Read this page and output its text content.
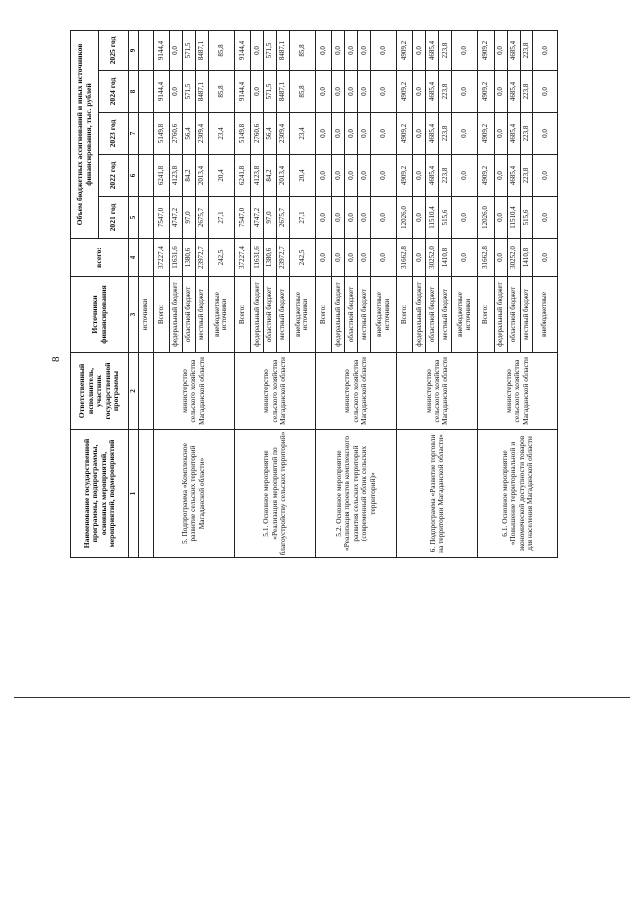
8
Наименование государственной программы, подпрограммы, основных мероприятий, мероприятий, подмероприятий	Ответственный исполнитель, участник государственной программы	Источники финансирования	всего:	Объем бюджетных ассигнований и иных источников финансирования, тыс. рублей				
				2021 год	2022 год	2023 год	2024 год	2025 год
1	2	3	4	5	6	7	8	9
		источники						
5. Подпрограмма «Комплексное развитие сельских территорий Магаданской области»	министерство сельского хозяйства Магаданской области	Всего:	37227,4	7547,0	6241,8	5149,8	9144,4	9144,4
		федеральный бюджет	11631,6	4747,2	4123,8	2760,6	0,0	0,0
		областной бюджет	1380,6	97,0	84,2	56,4	571,5	571,5
		местный бюджет	23972,7	2675,7	2013,4	2309,4	8487,1	8487,1
		внебюджетные источники	242,5	27,1	20,4	23,4	85,8	85,8
5.1. Основное мероприятие «Реализация мероприятий по благоустройству сельских территорий»	министерство сельского хозяйства Магаданской области	Всего:	37227,4	7547,0	6241,8	5149,8	9144,4	9144,4
		федеральный бюджет	11631,6	4747,2	4123,8	2760,6	0,0	0,0
		областной бюджет	1380,6	97,0	84,2	56,4	571,5	571,5
		местный бюджет	23972,7	2675,7	2013,4	2309,4	8487,1	8487,1
		внебюджетные источники	242,5	27,1	20,4	23,4	85,8	85,8
5.2. Основное мероприятие «Реализация проектов комплексного развития сельских территорий (современный облик сельских территорий)»	министерство сельского хозяйства Магаданской области	Всего:	0,0	0,0	0,0	0,0	0,0	0,0
		федеральный бюджет	0,0	0,0	0,0	0,0	0,0	0,0
		областной бюджет	0,0	0,0	0,0	0,0	0,0	0,0
		местный бюджет	0,0	0,0	0,0	0,0	0,0	0,0
		внебюджетные источники	0,0	0,0	0,0	0,0	0,0	0,0
6. Подпрограмма «Развитие торговли на территории Магаданской области»	министерство сельского хозяйства Магаданской области	Всего:	31662,8	12026,0	4909,2	4909,2	4909,2	4909,2
		федеральный бюджет	0,0	0,0	0,0	0,0	0,0	0,0
		областной бюджет	30252,0	11510,4	4685,4	4685,4	4685,4	4685,4
		местный бюджет	1410,8	515,6	223,8	223,8	223,8	223,8
		внебюджетные источники	0,0	0,0	0,0	0,0	0,0	0,0
6.1. Основное мероприятие «Повышение территориальной и экономической доступности товаров для населения Магаданской области	министерство сельского хозяйства Магаданской области	Всего:	31662,8	12026,0	4909,2	4909,2	4909,2	4909,2
		федеральный бюджет	0,0	0,0	0,0	0,0	0,0	0,0
		областной бюджет	30252,0	11510,4	4685,4	4685,4	4685,4	4685,4
		местный бюджет	1410,8	515,6	223,8	223,8	223,8	223,8
		внебюджетные	0,0	0,0	0,0	0,0	0,0	0,0
